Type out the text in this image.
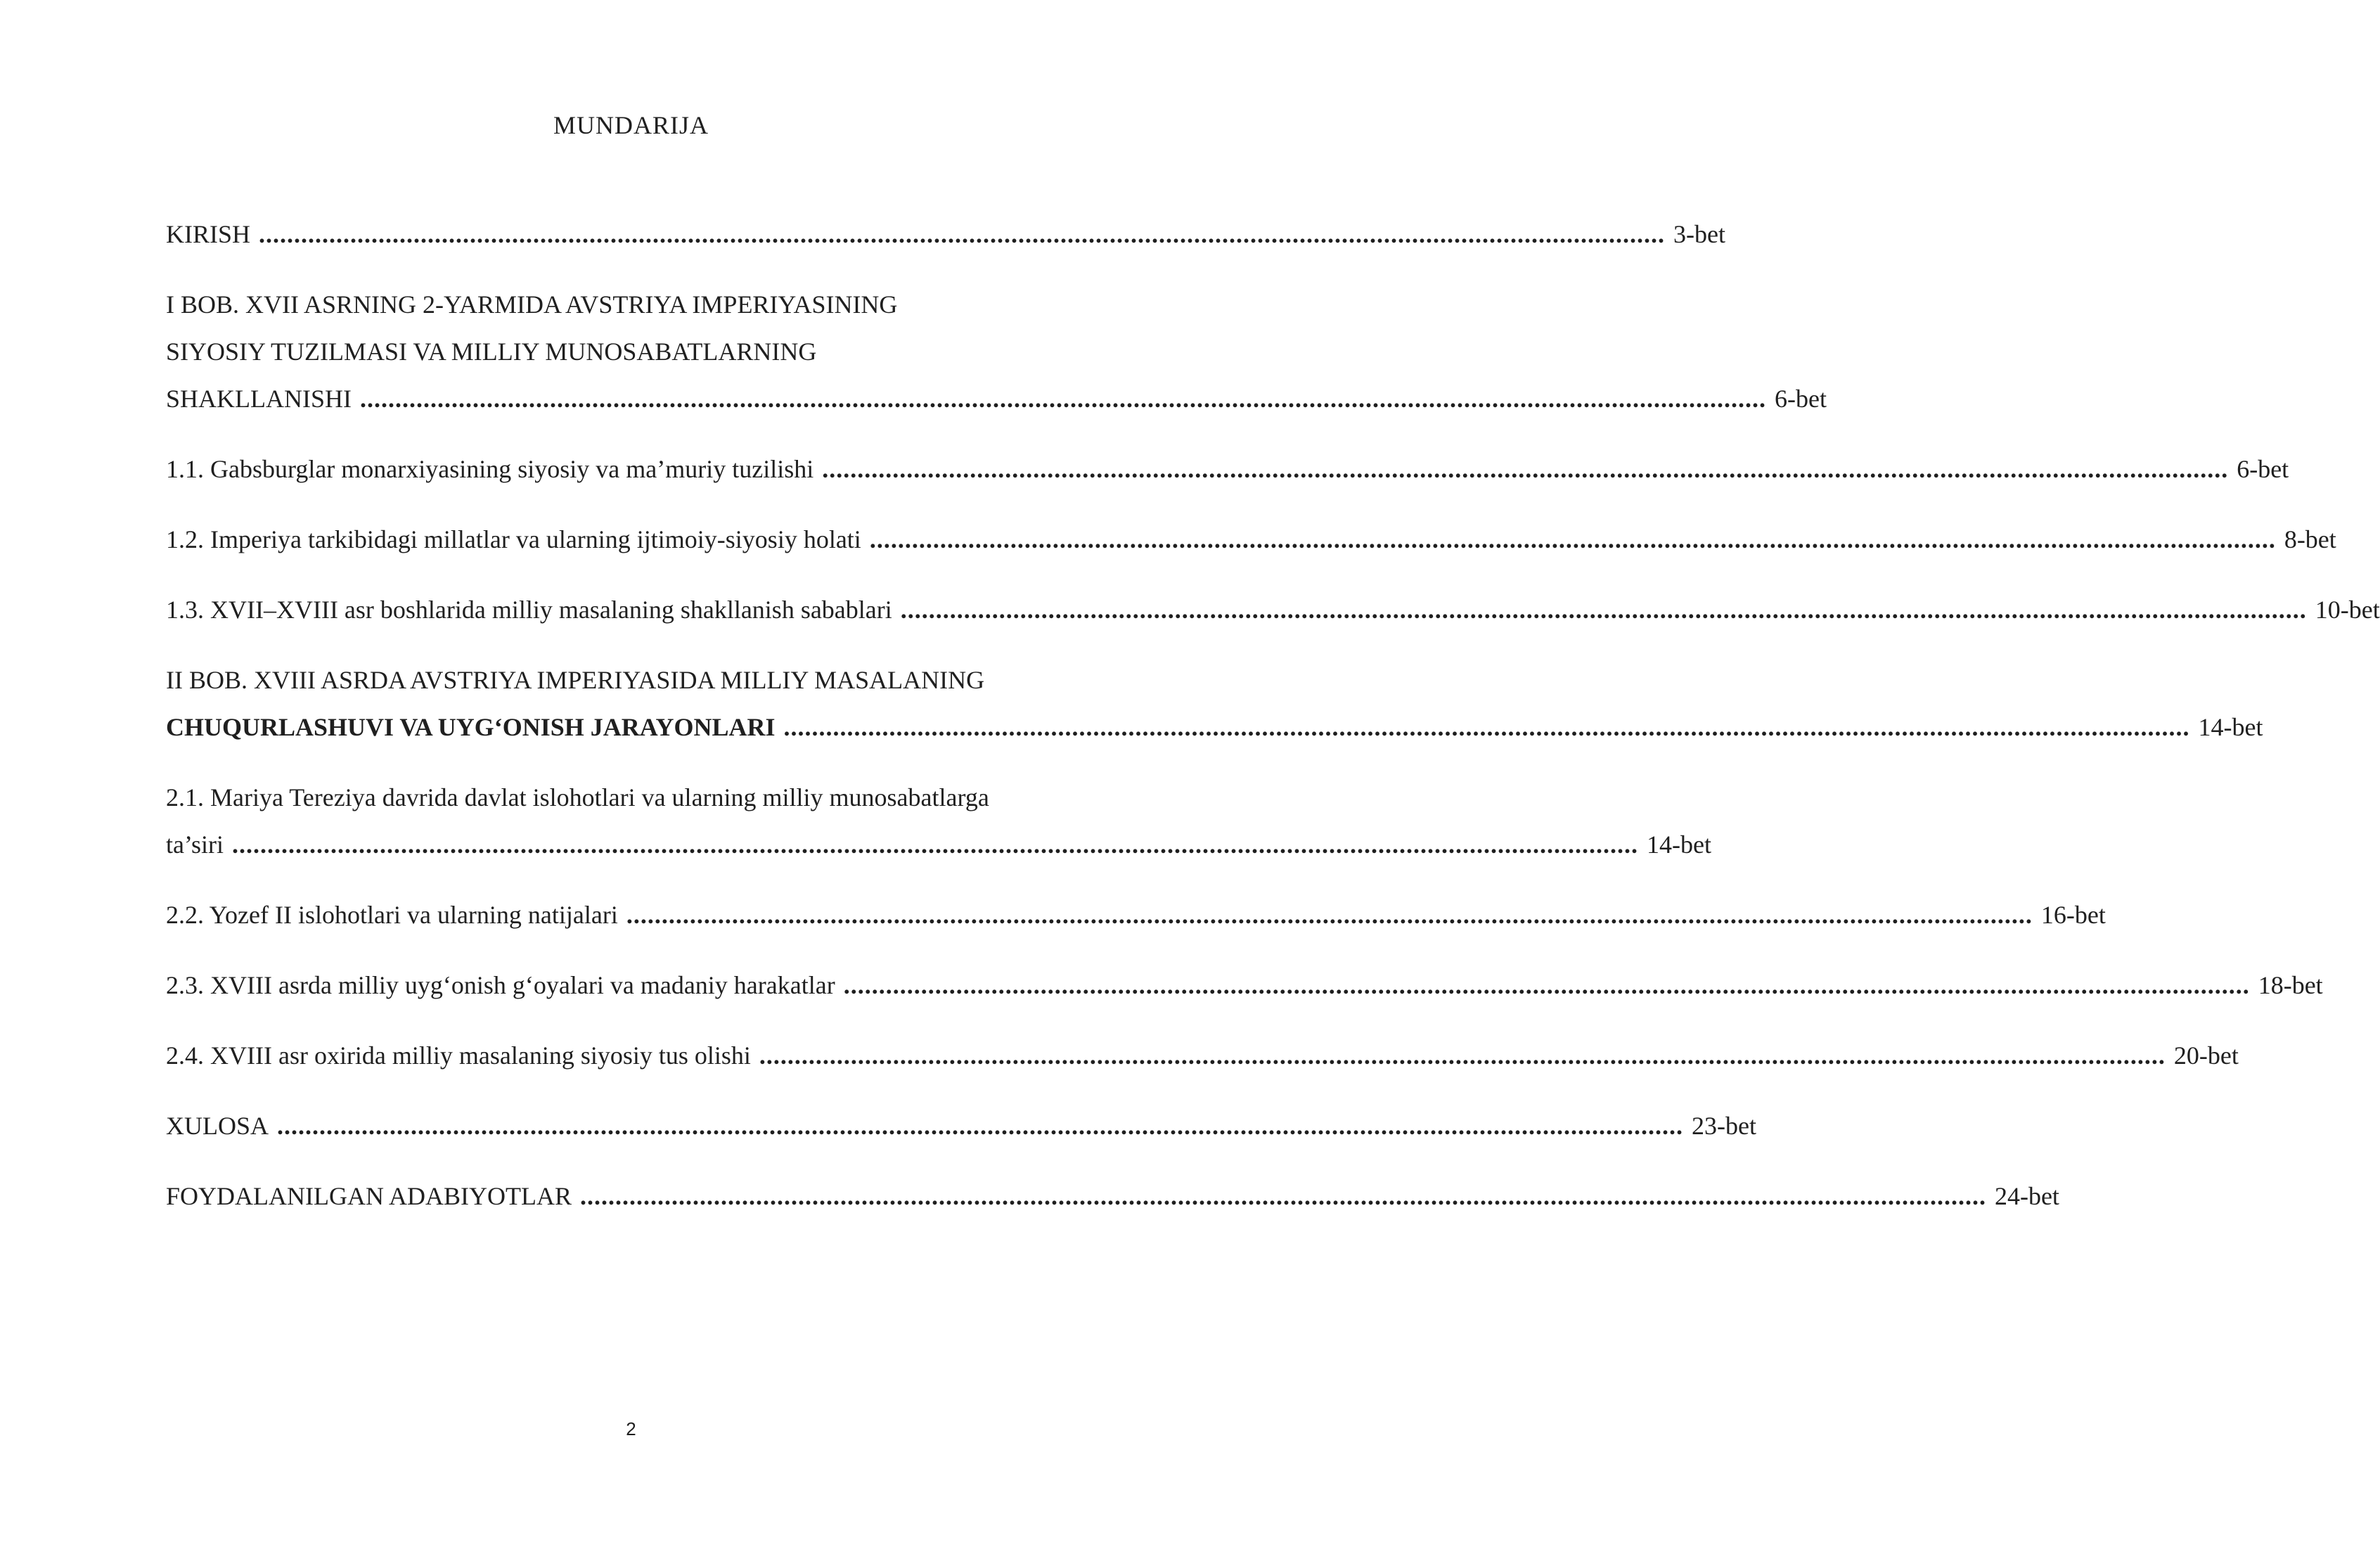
MUNDARIJA
KIRISH ........................................................................................................................................................................................................ 3-bet
I BOB. XVII ASRNING 2-YARMIDA AVSTRIYA IMPERIYASINING
SIYOSIY TUZILMASI VA MILLIY MUNOSABATLARNING
SHAKLLANISHI ........................................................................................................................................................................................................ 6-bet
1.1. Gabsburglar monarxiyasining siyosiy va ma’muriy tuzilishi ........................................................................................................................................................................................................ 6-bet
1.2. Imperiya tarkibidagi millatlar va ularning ijtimoiy-siyosiy holati ........................................................................................................................................................................................................ 8-bet
1.3. XVII–XVIII asr boshlarida milliy masalaning shakllanish sabablari ........................................................................................................................................................................................................ 10-bet
II BOB. XVIII ASRDA AVSTRIYA IMPERIYASIDA MILLIY MASALANING
CHUQURLASHUVI VA UYG‘ONISH JARAYONLARI ........................................................................................................................................................................................................ 14-bet
2.1. Mariya Tereziya davrida davlat islohotlari va ularning milliy munosabatlarga
ta’siri ........................................................................................................................................................................................................ 14-bet
2.2. Yozef II islohotlari va ularning natijalari ........................................................................................................................................................................................................ 16-bet
2.3. XVIII asrda milliy uyg‘onish g‘oyalari va madaniy harakatlar ........................................................................................................................................................................................................ 18-bet
2.4. XVIII asr oxirida milliy masalaning siyosiy tus olishi ........................................................................................................................................................................................................ 20-bet
XULOSA ........................................................................................................................................................................................................ 23-bet
FOYDALANILGAN ADABIYOTLAR ........................................................................................................................................................................................................ 24-bet
2
